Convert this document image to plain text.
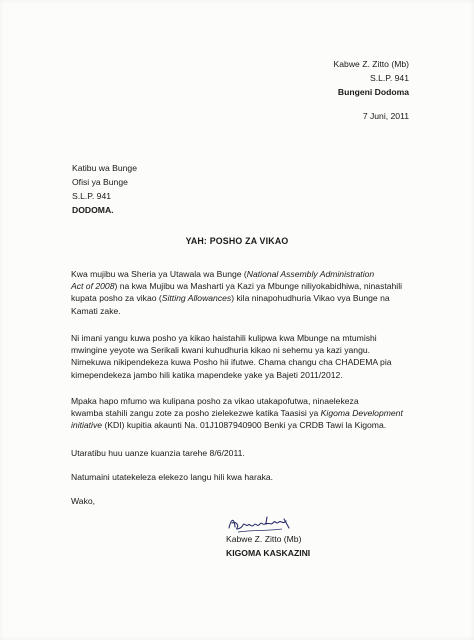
Kabwe Z. Zitto (Mb)
S.L.P. 941
Bungeni Dodoma
7 Juni, 2011
Katibu wa Bunge
Ofisi ya Bunge
S.L.P. 941
DODOMA.
YAH: POSHO ZA VIKAO
Kwa mujibu wa Sheria ya Utawala wa Bunge (National Assembly Administration
Act of 2008) na kwa Mujibu wa Masharti ya Kazi ya Mbunge niliyokabidhiwa, ninastahili
kupata posho za vikao (Sitting Allowances) kila ninapohudhuria Vikao vya Bunge na
Kamati zake.
Ni imani yangu kuwa posho ya kikao haistahili kulipwa kwa Mbunge na mtumishi
mwingine yeyote wa Serikali kwani kuhudhuria kikao ni sehemu ya kazi yangu.
Nimekuwa nikipendekeza kuwa Posho hii ifutwe. Chama changu cha CHADEMA pia
kimependekeza jambo hili katika mapendeke yake ya Bajeti 2011/2012.
Mpaka hapo mfumo wa kulipana posho za vikao utakapofutwa, ninaelekeza
kwamba stahili zangu zote za posho zielekezwe katika Taasisi ya Kigoma Development
initiative (KDI) kupitia akaunti Na. 01J1087940900 Benki ya CRDB Tawi la Kigoma.
Utaratibu huu uanze kuanzia tarehe 8/6/2011.
Natumaini utatekeleza elekezo langu hili kwa haraka.
Wako,
Kabwe Z. Zitto (Mb)
KIGOMA KASKAZINI
